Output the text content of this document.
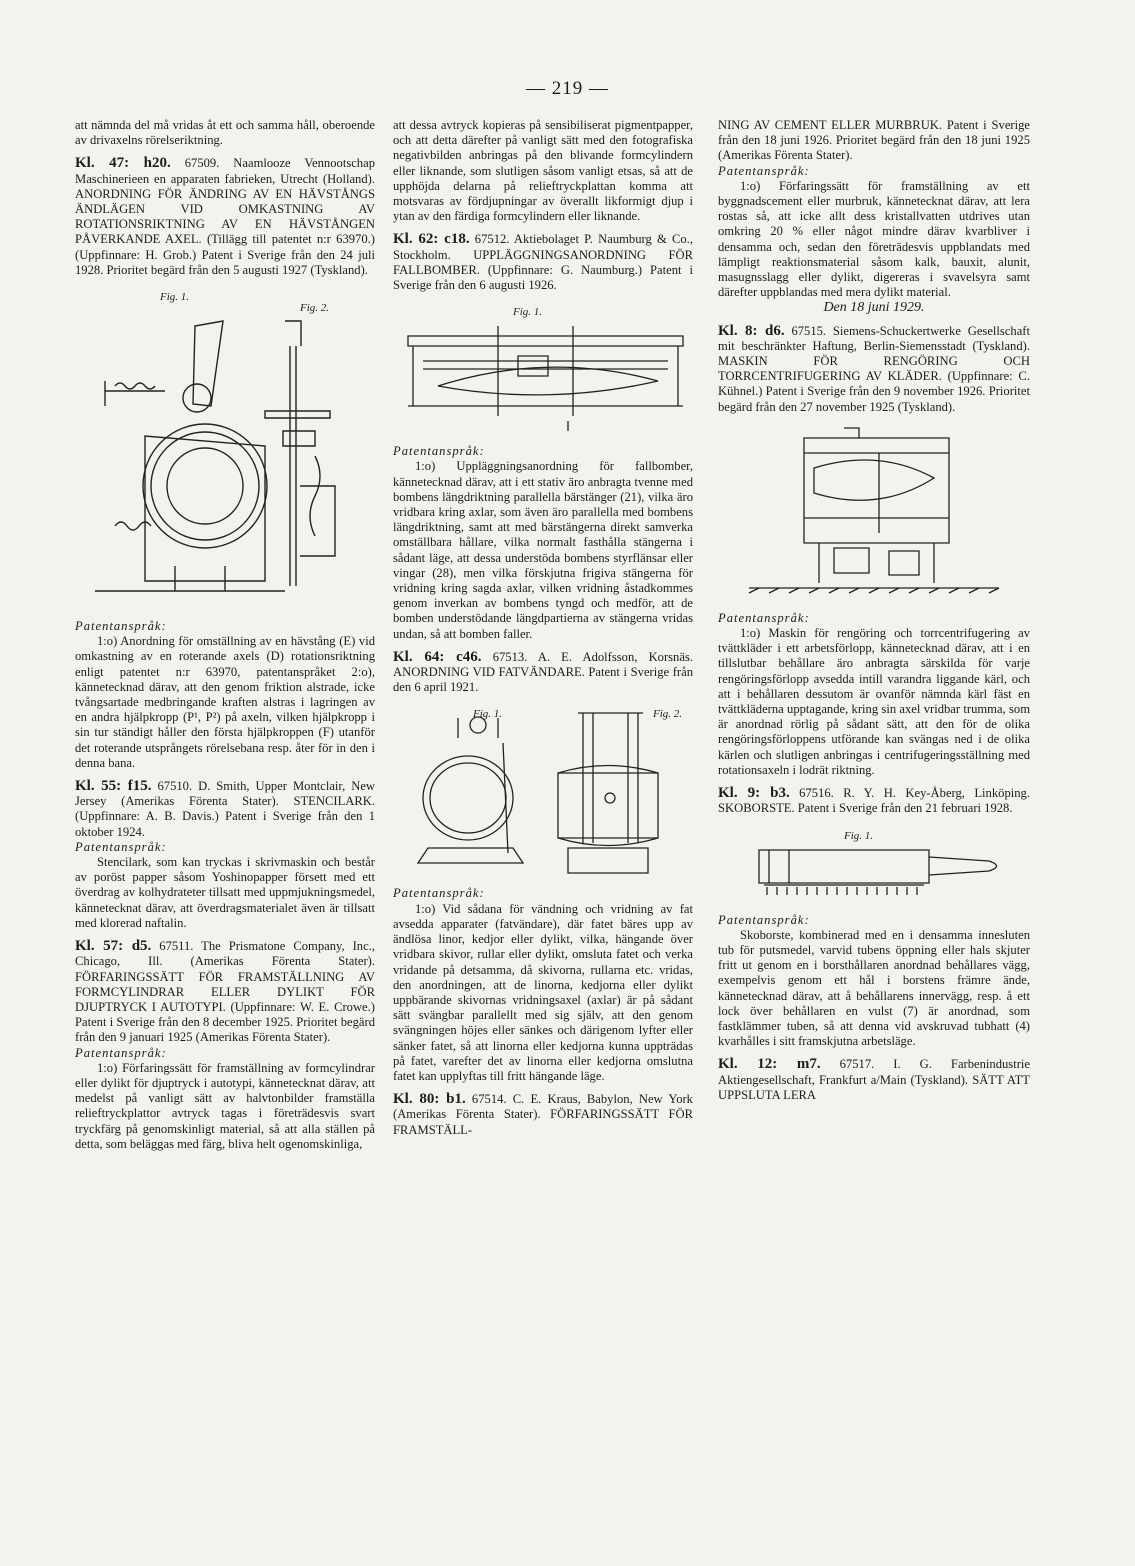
— 219 —

att nämnda del må vridas åt ett och samma håll, oberoende av drivaxelns rörelseriktning.

Kl. 47: h20. 67509. Naamlooze Vennootschap Maschinerieen en apparaten fabrieken, Utrecht (Holland). ANORDNING FÖR ÄNDRING AV EN HÄVSTÅNGS ÄNDLÄGEN VID OMKASTNING AV ROTATIONSRIKTNING AV EN HÄVSTÅNGEN PÅVERKANDE AXEL. (Tillägg till patentet n:r 63970.) (Uppfinnare: H. Grob.) Patent i Sverige från den 24 juli 1928. Prioritet begärd från den 5 augusti 1927 (Tyskland).

Fig. 1.
Fig. 2.

Patentanspråk:

1:o) Anordning för omställning av en hävstång (E) vid omkastning av en roterande axels (D) rotationsriktning enligt patentet n:r 63970, patentanspråket 2:o), kännetecknad därav, att den genom friktion alstrade, icke tvångsartade medbringande kraften alstras i lagringen av en andra hjälpkropp (P¹, P²) på axeln, vilken hjälpkropp i sin tur ständigt håller den första hjälpkroppen (F) utanför det roterande utsprångets rörelsebana resp. åter för in den i denna bana.

Kl. 55: f15. 67510. D. Smith, Upper Montclair, New Jersey (Amerikas Förenta Stater). STENCILARK. (Uppfinnare: A. B. Davis.) Patent i Sverige från den 1 oktober 1924.

Patentanspråk:

Stencilark, som kan tryckas i skrivmaskin och består av poröst papper såsom Yoshinopapper försett med ett överdrag av kolhydrateter tillsatt med uppmjukningsmedel, kännetecknat därav, att överdragsmaterialet även är tillsatt med klorerad naftalin.

Kl. 57: d5. 67511. The Prismatone Company, Inc., Chicago, Ill. (Amerikas Förenta Stater). FÖRFARINGSSÄTT FÖR FRAMSTÄLLNING AV FORMCYLINDRAR ELLER DYLIKT FÖR DJUPTRYCK I AUTOTYPI. (Uppfinnare: W. E. Crowe.) Patent i Sverige från den 8 december 1925. Prioritet begärd från den 9 januari 1925 (Amerikas Förenta Stater).

Patentanspråk:

1:o) Förfaringssätt för framställning av formcylindrar eller dylikt för djuptryck i autotypi, kännetecknat därav, att medelst på vanligt sätt av halvtonbilder framställa relieftryckplattor avtryck tagas i företrädesvis svart tryckfärg på genomskinligt material, så att alla ställen på detta, som beläggas med färg, bliva helt ogenomskinliga,

att dessa avtryck kopieras på sensibiliserat pigmentpapper, och att detta därefter på vanligt sätt med den fotografiska negativbilden anbringas på den blivande formcylindern eller liknande, som slutligen såsom vanligt etsas, så att de upphöjda delarna på relieftryckplattan komma att motsvaras av fördjupningar av överallt likformigt djup i ytan av den färdiga formcylindern eller liknande.

Kl. 62: c18. 67512. Aktiebolaget P. Naumburg & Co., Stockholm. UPPLÄGGNINGSANORDNING FÖR FALLBOMBER. (Uppfinnare: G. Naumburg.) Patent i Sverige från den 6 augusti 1926.

Fig. 1.

Patentanspråk:

1:o) Uppläggningsanordning för fallbomber, kännetecknad därav, att i ett stativ äro anbragta tvenne med bombens längdriktning parallella bärstänger (21), vilka äro vridbara kring axlar, som även äro parallella med bombens längdriktning, samt att med bärstängerna direkt samverka omställbara hållare, vilka normalt fasthålla stängerna i sådant läge, att dessa understöda bombens styrflänsar eller vingar (28), men vilka förskjutna frigiva stängerna för vridning kring sagda axlar, vilken vridning åstadkommes genom inverkan av bombens tyngd och medför, att de bomben understödande längdpartierna av stängerna vridas undan, så att bomben faller.

Kl. 64: c46. 67513. A. E. Adolfsson, Korsnäs. ANORDNING VID FATVÄNDARE. Patent i Sverige från den 6 april 1921.

Fig. 1.	Fig. 2.

Patentanspråk:

1:o) Vid sådana för vändning och vridning av fat avsedda apparater (fatvändare), där fatet bäres upp av ändlösa linor, kedjor eller dylikt, vilka, hängande över vridbara skivor, rullar eller dylikt, omsluta fatet och verka vridande på detsamma, då skivorna, rullarna etc. vridas, den anordningen, att de linorna, kedjorna eller dylikt uppbärande skivornas vridningsaxel (axlar) är på sådant sätt svängbar parallellt med sig själv, att den genom svängningen höjes eller sänkes och därigenom lyfter eller sänker fatet, så att linorna eller kedjorna kunna uppträdas på fatet, varefter det av linorna eller kedjorna omslutna fatet kan upplyftas till fritt hängande läge.

Kl. 80: b1. 67514. C. E. Kraus, Babylon, New York (Amerikas Förenta Stater). FÖRFARINGSSÄTT FÖR FRAMSTÄLL-

NING AV CEMENT ELLER MURBRUK. Patent i Sverige från den 18 juni 1926. Prioritet begärd från den 18 juni 1925 (Amerikas Förenta Stater).

Patentanspråk:

1:o) Förfaringssätt för framställning av ett byggnadscement eller murbruk, kännetecknat därav, att lera rostas så, att icke allt dess kristallvatten utdrives utan omkring 20 % eller något mindre därav kvarbliver i densamma och, sedan den företrädesvis uppblandats med lämpligt reaktionsmaterial såsom kalk, bauxit, alunit, masugnsslagg eller dylikt, digereras i svavelsyra samt därefter uppblandas med mera dylikt material.

Den 18 juni 1929.

Kl. 8: d6. 67515. Siemens-Schuckertwerke Gesellschaft mit beschränkter Haftung, Berlin-Siemensstadt (Tyskland). MASKIN FÖR RENGÖRING OCH TORRCENTRIFUGERING AV KLÄDER. (Uppfinnare: C. Kühnel.) Patent i Sverige från den 9 november 1926. Prioritet begärd från den 27 november 1925 (Tyskland).

Patentanspråk:

1:o) Maskin för rengöring och torrcentrifugering av tvättkläder i ett arbetsförlopp, kännetecknad därav, att i en tillslutbar behållare äro anbragta särskilda för varje rengöringsförlopp avsedda intill varandra liggande kärl, och att i behållaren dessutom är ovanför nämnda kärl fäst en tvättkläderna upptagande, kring sin axel vridbar trumma, som är anordnad rörlig på sådant sätt, att den för de olika rengöringsförloppens utförande kan svängas ned i de olika kärlen och slutligen anbringas i centrifugeringsställning med rotationsaxeln i lodrät riktning.

Kl. 9: b3. 67516. R. Y. H. Key-Åberg, Linköping. SKOBORSTE. Patent i Sverige från den 21 februari 1928.

Fig. 1.

Patentanspråk:

Skoborste, kombinerad med en i densamma innesluten tub för putsmedel, varvid tubens öppning eller hals skjuter fritt ut genom en i borsthållaren anordnad behållares vägg, exempelvis genom ett hål i borstens främre ände, kännetecknad därav, att å behållarens innervägg, resp. å ett lock över behållaren en vulst (7) är anordnad, som fastklämmer tuben, så att denna vid avskruvad tubhatt (4) kvarhålles i sitt framskjutna arbetsläge.

Kl. 12: m7. 67517. I. G. Farbenindustrie Aktiengesellschaft, Frankfurt a/Main (Tyskland). SÄTT ATT UPPSLUTA LERA
